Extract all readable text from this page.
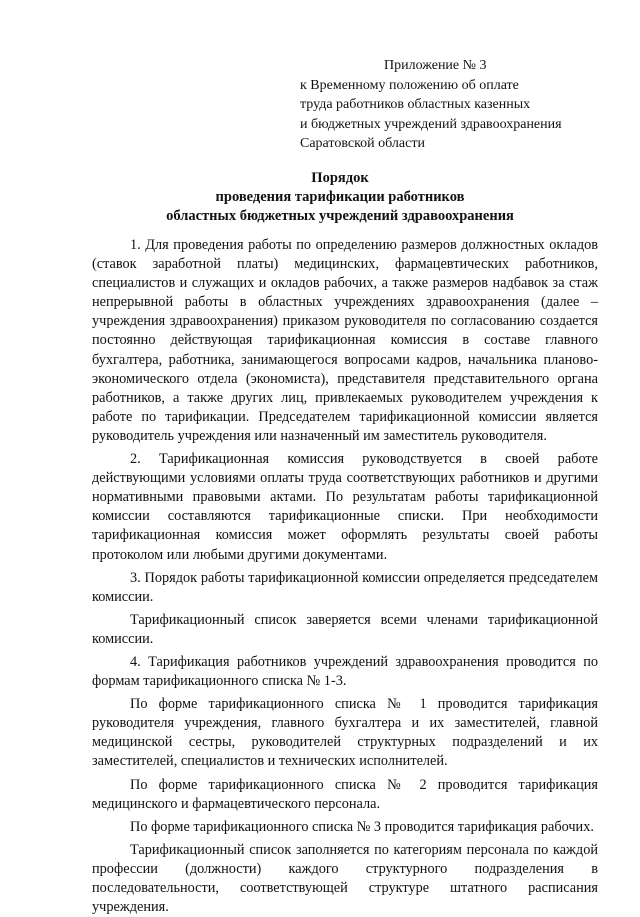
Приложение № 3
к Временному положению об оплате
труда работников областных казенных
и бюджетных учреждений здравоохранения
Саратовской области
Порядок
проведения тарификации работников
областных бюджетных учреждений здравоохранения

1. Для проведения работы по определению размеров должностных окладов (ставок заработной платы) медицинских, фармацевтических работников, специалистов и служащих и окладов рабочих, а также размеров надбавок за стаж непрерывной работы в областных учреждениях здравоохранения (далее – учреждения здравоохранения) приказом руководителя по согласованию создается постоянно действующая тарификационная комиссия в составе главного бухгалтера, работника, занимающегося вопросами кадров, начальника планово-экономического отдела (экономиста), представителя представительного органа работников, а также других лиц, привлекаемых руководителем учреждения к работе по тарификации. Председателем тарификационной комиссии является руководитель учреждения или назначенный им заместитель руководителя.

2. Тарификационная комиссия руководствуется в своей работе действующими условиями оплаты труда соответствующих работников и другими нормативными правовыми актами. По результатам работы тарификационной комиссии составляются тарификационные списки. При необходимости тарификационная комиссия может оформлять результаты своей работы протоколом или любыми другими документами.

3. Порядок работы тарификационной комиссии определяется председателем комиссии.

Тарификационный список заверяется всеми членами тарификационной комиссии.

4. Тарификация работников учреждений здравоохранения проводится по формам тарификационного списка № 1-3.

По форме тарификационного списка № 1 проводится тарификация руководителя учреждения, главного бухгалтера и их заместителей, главной медицинской сестры, руководителей структурных подразделений и их заместителей, специалистов и технических исполнителей.

По форме тарификационного списка № 2 проводится тарификация медицинского и фармацевтического персонала.

По форме тарификационного списка № 3 проводится тарификация рабочих.

Тарификационный список заполняется по категориям персонала по каждой профессии (должности) каждого структурного подразделения в последовательности, соответствующей структуре штатного расписания учреждения.
